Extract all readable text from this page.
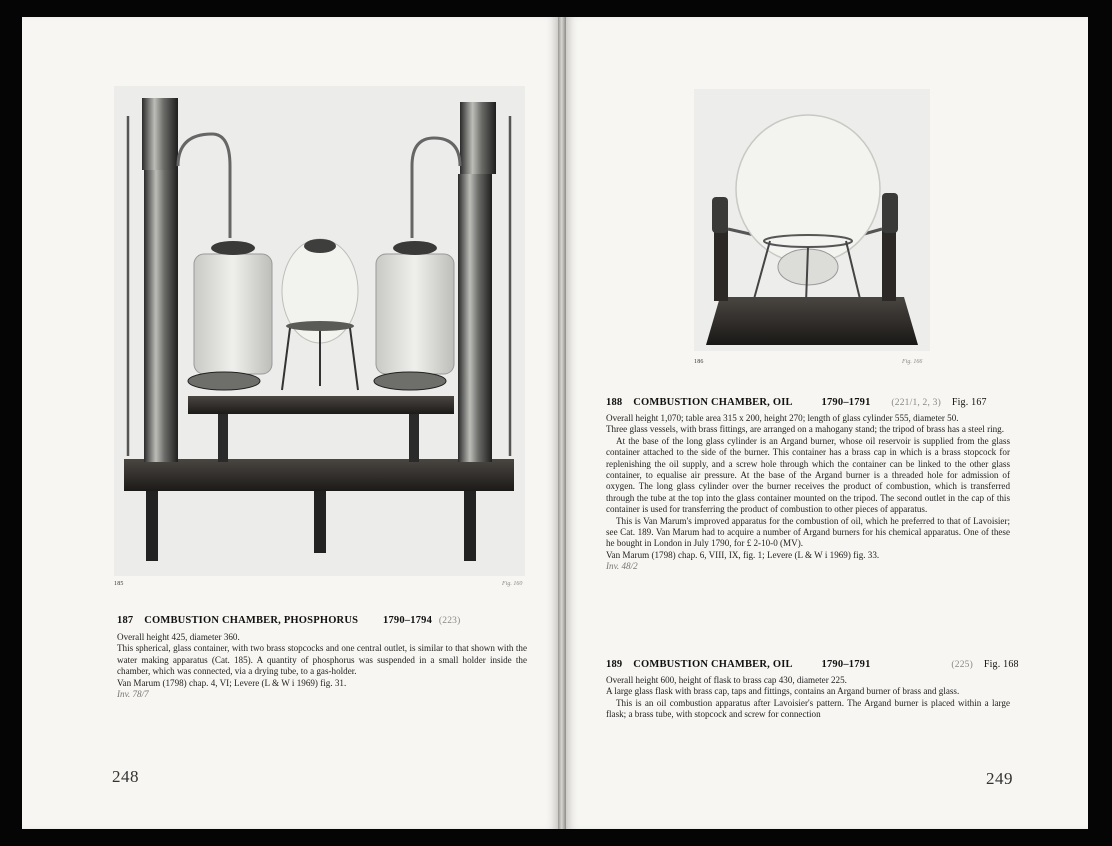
185	Fig. 160
187 COMBUSTION CHAMBER, PHOSPHORUS 1790–1794 (223)

Overall height 425, diameter 360.

This spherical, glass container, with two brass stopcocks and one central outlet, is similar to that shown with the water making apparatus (Cat. 185). A quantity of phosphorus was suspended in a small holder inside the chamber, which was connected, via a drying tube, to a gas-holder.

Van Marum (1798) chap. 4, VI; Levere (L & W i 1969) fig. 31.

Inv. 78/7

248
186	Fig. 166
188 COMBUSTION CHAMBER, OIL	1790–1791 (221/1, 2, 3) Fig. 167

Overall height 1,070; table area 315 x 200, height 270; length of glass cylinder 555, diameter 50.

Three glass vessels, with brass fittings, are arranged on a mahogany stand; the tripod of brass has a steel ring.

At the base of the long glass cylinder is an Argand burner, whose oil reservoir is supplied from the glass container attached to the side of the burner. This container has a brass cap in which is a brass stopcock for replenishing the oil supply, and a screw hole through which the container can be linked to the other glass container, to equalise air pressure. At the base of the Argand burner is a threaded hole for admission of oxygen. The long glass cylinder over the burner receives the product of combustion, which is transferred through the tube at the top into the glass container mounted on the tripod. The second outlet in the cap of this container is used for transferring the product of combustion to other pieces of apparatus.

This is Van Marum's improved apparatus for the combustion of oil, which he preferred to that of Lavoisier; see Cat. 189. Van Marum had to acquire a number of Argand burners for his chemical apparatus. One of these he bought in London in July 1790, for £ 2-10-0 (MV).

Van Marum (1798) chap. 6, VIII, IX, fig. 1; Levere (L & W i 1969) fig. 33.

Inv. 48/2

189 COMBUSTION CHAMBER, OIL	1790–1791	(225) Fig. 168

Overall height 600, height of flask to brass cap 430, diameter 225.

A large glass flask with brass cap, taps and fittings, contains an Argand burner of brass and glass.

This is an oil combustion apparatus after Lavoisier's pattern. The Argand burner is placed within a large flask; a brass tube, with stopcock and screw for connection

249
